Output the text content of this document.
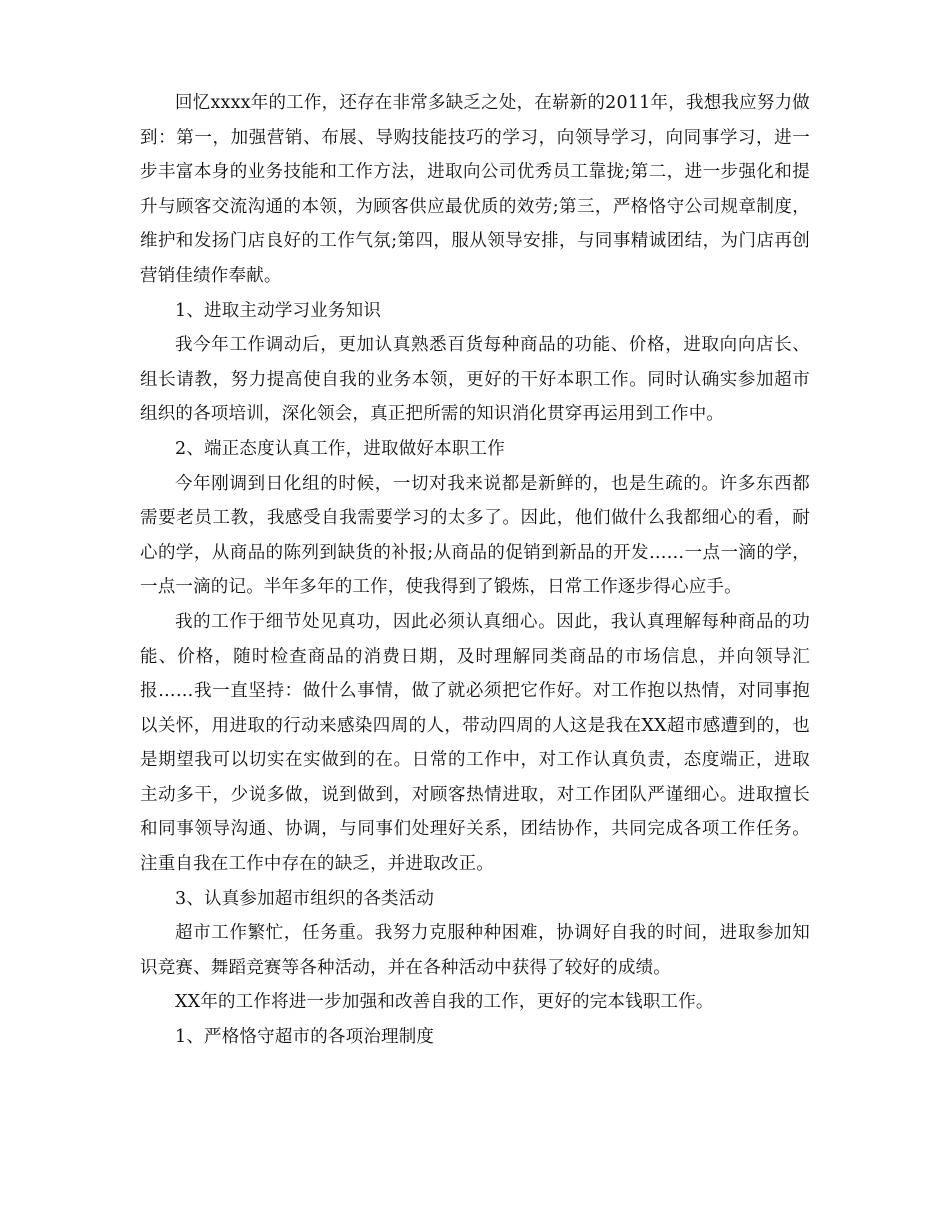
回忆xxxx年的工作，还存在非常多缺乏之处，在崭新的2011年，我想我应努力做到：第一，加强营销、布展、导购技能技巧的学习，向领导学习，向同事学习，进一步丰富本身的业务技能和工作方法，进取向公司优秀员工靠拢;第二，进一步强化和提升与顾客交流沟通的本领，为顾客供应最优质的效劳;第三，严格恪守公司规章制度，维护和发扬门店良好的工作气氛;第四，服从领导安排，与同事精诚团结，为门店再创营销佳绩作奉献。

1、进取主动学习业务知识

我今年工作调动后，更加认真熟悉百货每种商品的功能、价格，进取向向店长、组长请教，努力提高使自我的业务本领，更好的干好本职工作。同时认确实参加超市组织的各项培训，深化领会，真正把所需的知识消化贯穿再运用到工作中。

2、端正态度认真工作，进取做好本职工作

今年刚调到日化组的时候，一切对我来说都是新鲜的，也是生疏的。许多东西都需要老员工教，我感受自我需要学习的太多了。因此，他们做什么我都细心的看，耐心的学，从商品的陈列到缺货的补报;从商品的促销到新品的开发……一点一滴的学，一点一滴的记。半年多年的工作，使我得到了锻炼，日常工作逐步得心应手。

我的工作于细节处见真功，因此必须认真细心。因此，我认真理解每种商品的功能、价格，随时检查商品的消费日期，及时理解同类商品的市场信息，并向领导汇报……我一直坚持：做什么事情，做了就必须把它作好。对工作抱以热情，对同事抱以关怀，用进取的行动来感染四周的人，带动四周的人这是我在XX超市感遭到的，也是期望我可以切实在实做到的在。日常的工作中，对工作认真负责，态度端正，进取主动多干，少说多做，说到做到，对顾客热情进取，对工作团队严谨细心。进取擅长和同事领导沟通、协调，与同事们处理好关系，团结协作，共同完成各项工作任务。注重自我在工作中存在的缺乏，并进取改正。

3、认真参加超市组织的各类活动

超市工作繁忙，任务重。我努力克服种种困难，协调好自我的时间，进取参加知识竞赛、舞蹈竞赛等各种活动，并在各种活动中获得了较好的成绩。

XX年的工作将进一步加强和改善自我的工作，更好的完本钱职工作。

1、严格恪守超市的各项治理制度
